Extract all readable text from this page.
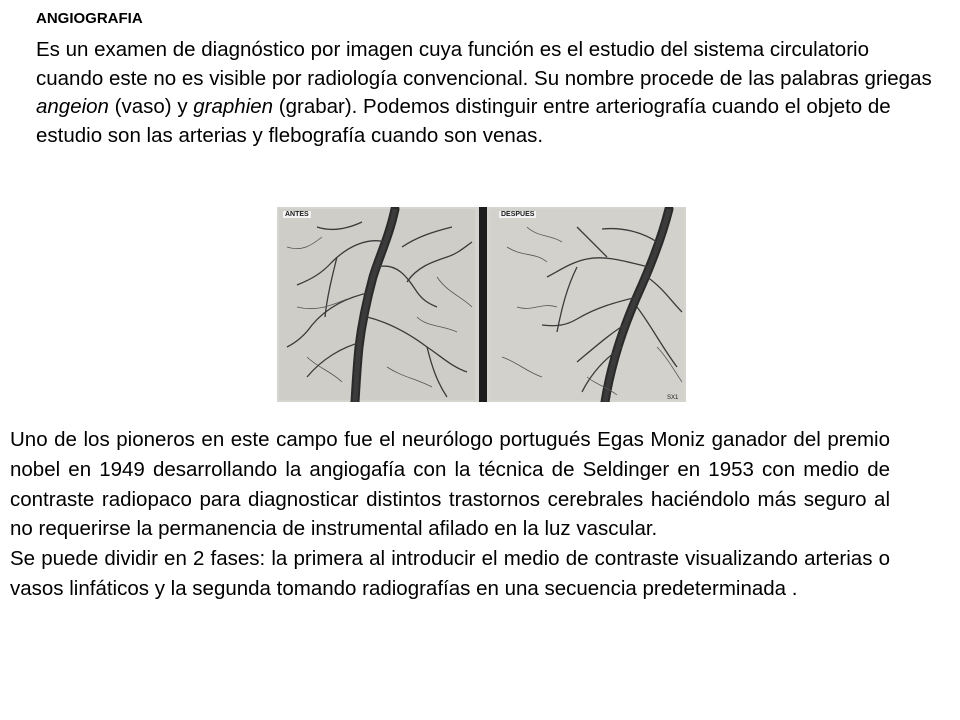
ANGIOGRAFIA

Es un examen de diagnóstico por imagen cuya función es el estudio del sistema circulatorio cuando este no es visible por radiología convencional. Su nombre procede de las palabras griegas angeion (vaso) y graphien (grabar). Podemos distinguir entre arteriografía cuando el objeto de estudio son las arterias y flebografía cuando son venas.

SX1
ANTES	DESPUES

Uno de los pioneros en este campo fue el neurólogo portugués Egas Moniz ganador del premio nobel en 1949 desarrollando la angiogafía con la técnica de Seldinger en 1953 con medio de contraste radiopaco para diagnosticar distintos trastornos cerebrales haciéndolo más seguro al no requerirse la permanencia de instrumental afilado en la luz vascular.

Se puede dividir en 2 fases: la primera al introducir el medio de contraste visualizando arterias o vasos linfáticos y la segunda tomando radiografías en una secuencia predeterminada .
